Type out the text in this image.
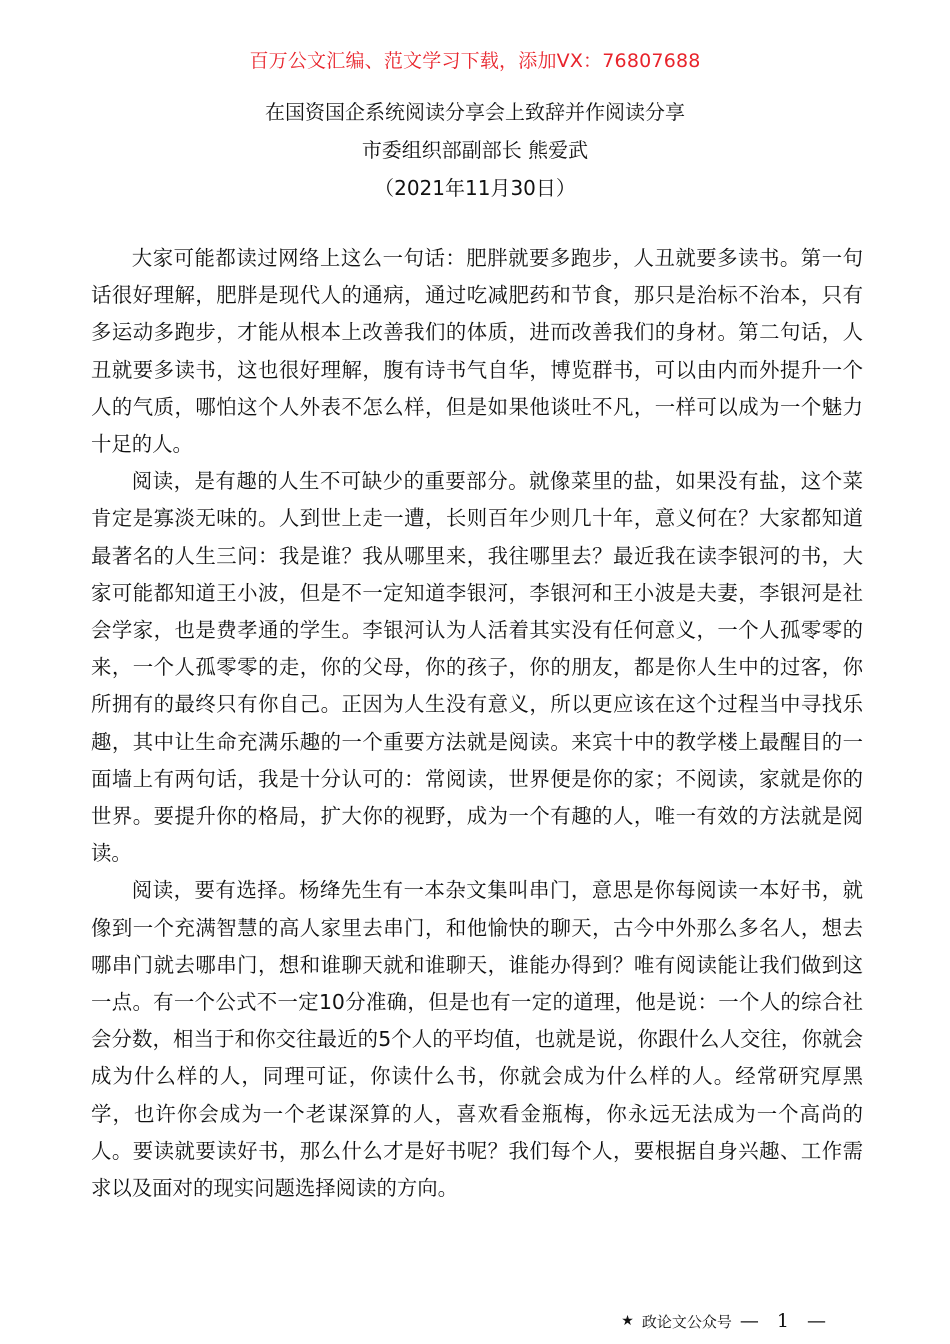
百万公文汇编、范文学习下载，添加VX：76807688
在国资国企系统阅读分享会上致辞并作阅读分享
市委组织部副部长 熊爱武
（2021年11月30日）

大家可能都读过网络上这么一句话：肥胖就要多跑步，人丑就要多读书。第一句话很好理解，肥胖是现代人的通病，通过吃减肥药和节食，那只是治标不治本，只有多运动多跑步，才能从根本上改善我们的体质，进而改善我们的身材。第二句话，人丑就要多读书，这也很好理解，腹有诗书气自华，博览群书，可以由内而外提升一个人的气质，哪怕这个人外表不怎么样，但是如果他谈吐不凡，一样可以成为一个魅力十足的人。

阅读，是有趣的人生不可缺少的重要部分。就像菜里的盐，如果没有盐，这个菜肯定是寡淡无味的。人到世上走一遭，长则百年少则几十年，意义何在？大家都知道最著名的人生三问：我是谁？我从哪里来，我往哪里去？最近我在读李银河的书，大家可能都知道王小波，但是不一定知道李银河，李银河和王小波是夫妻，李银河是社会学家，也是费孝通的学生。李银河认为人活着其实没有任何意义，一个人孤零零的来，一个人孤零零的走，你的父母，你的孩子，你的朋友，都是你人生中的过客，你所拥有的最终只有你自己。正因为人生没有意义，所以更应该在这个过程当中寻找乐趣，其中让生命充满乐趣的一个重要方法就是阅读。来宾十中的教学楼上最醒目的一面墙上有两句话，我是十分认可的：常阅读，世界便是你的家；不阅读，家就是你的世界。要提升你的格局，扩大你的视野，成为一个有趣的人，唯一有效的方法就是阅读。

阅读，要有选择。杨绛先生有一本杂文集叫串门，意思是你每阅读一本好书，就像到一个充满智慧的高人家里去串门，和他愉快的聊天，古今中外那么多名人，想去哪串门就去哪串门，想和谁聊天就和谁聊天，谁能办得到？唯有阅读能让我们做到这一点。有一个公式不一定10分准确，但是也有一定的道理，他是说：一个人的综合社会分数，相当于和你交往最近的5个人的平均值，也就是说，你跟什么人交往，你就会成为什么样的人，同理可证，你读什么书，你就会成为什么样的人。经常研究厚黑学，也许你会成为一个老谋深算的人，喜欢看金瓶梅，你永远无法成为一个高尚的人。要读就要读好书，那么什么才是好书呢？我们每个人，要根据自身兴趣、工作需求以及面对的现实问题选择阅读的方向。

★ 政论文公众号 — 1 —
